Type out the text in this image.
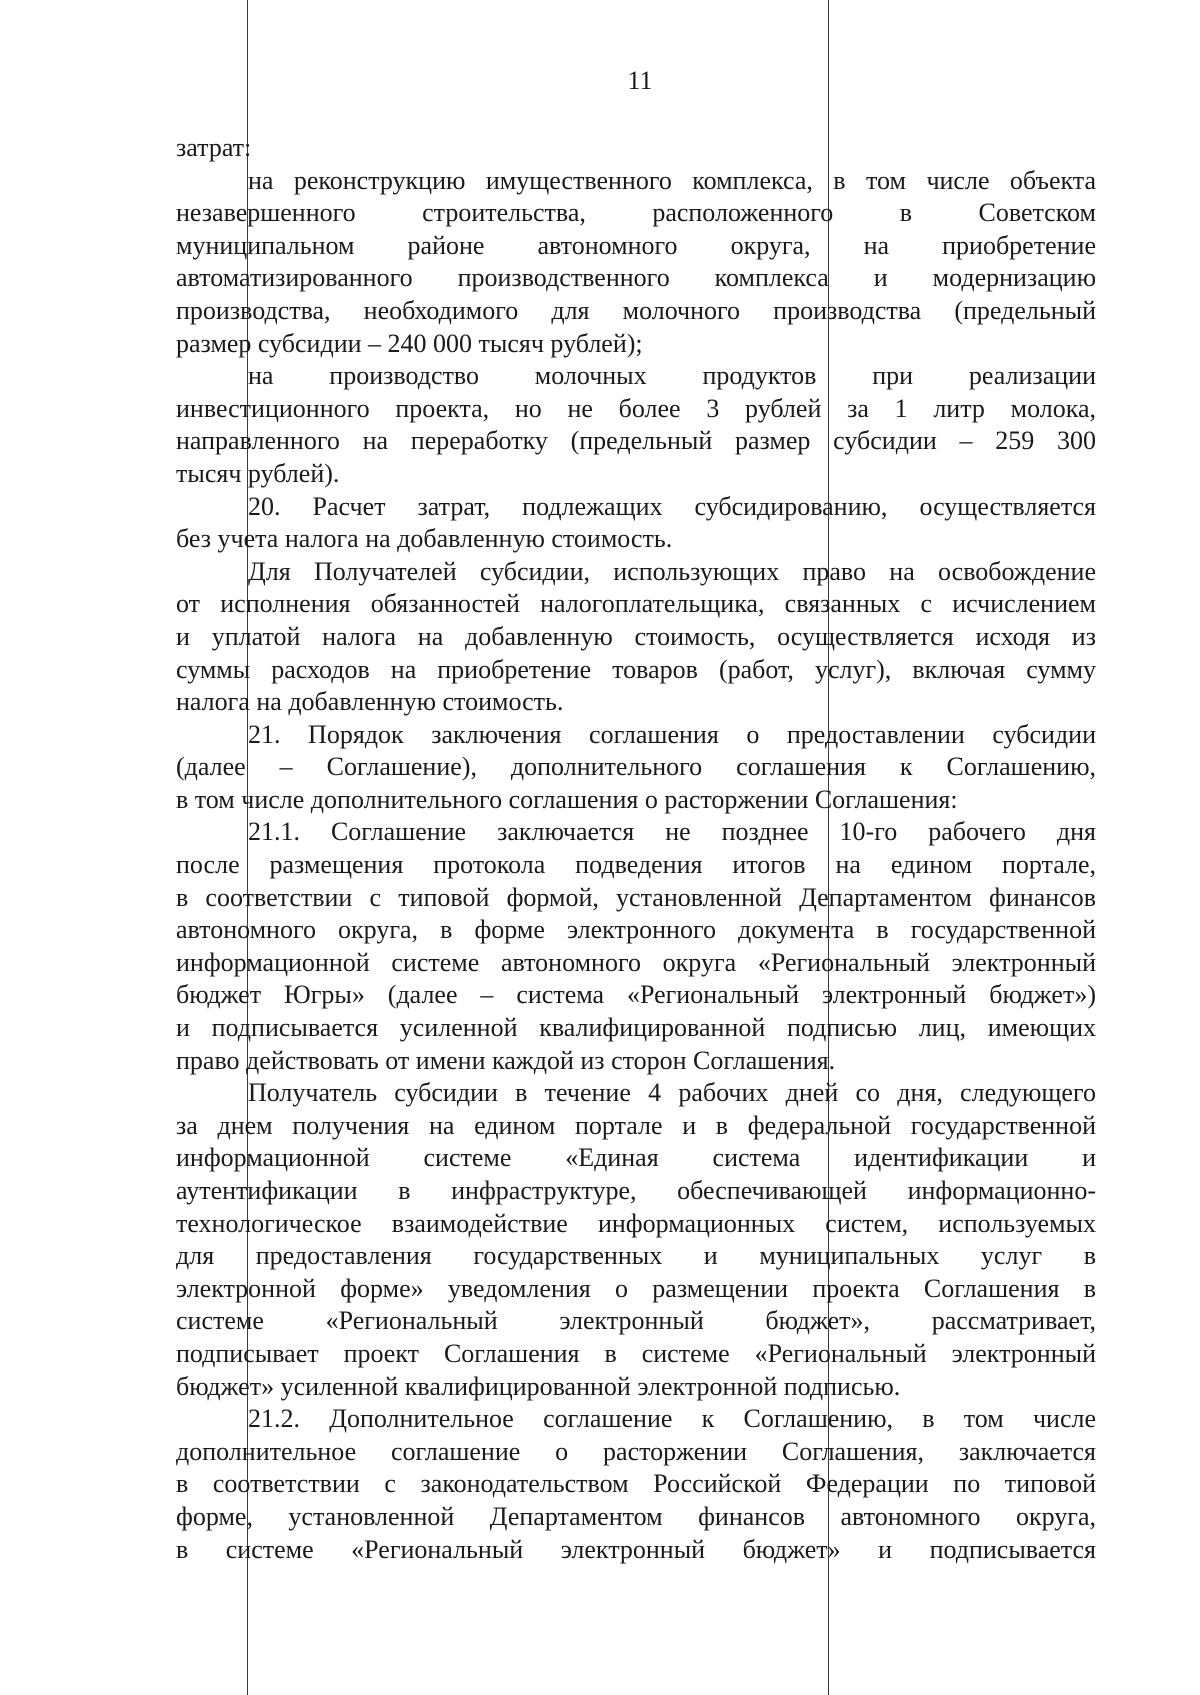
11
затрат:
на реконструкцию имущественного комплекса, в том числе объекта
незавершенного строительства, расположенного в Советском
муниципальном районе автономного округа, на приобретение
автоматизированного производственного комплекса и модернизацию
производства, необходимого для молочного производства (предельный
размер субсидии – 240 000 тысяч рублей);
на производство молочных продуктов при реализации
инвестиционного проекта, но не более 3 рублей за 1 литр молока,
направленного на переработку (предельный размер субсидии – 259 300
тысяч рублей).
20. Расчет затрат, подлежащих субсидированию, осуществляется
без учета налога на добавленную стоимость.
Для Получателей субсидии, использующих право на освобождение
от исполнения обязанностей налогоплательщика, связанных с исчислением
и уплатой налога на добавленную стоимость, осуществляется исходя из
суммы расходов на приобретение товаров (работ, услуг), включая сумму
налога на добавленную стоимость.
21. Порядок заключения соглашения о предоставлении субсидии
(далее – Соглашение), дополнительного соглашения к Соглашению,
в том числе дополнительного соглашения о расторжении Соглашения:
21.1. Соглашение заключается не позднее 10-го рабочего дня
после размещения протокола подведения итогов на едином портале,
в соответствии с типовой формой, установленной Департаментом финансов
автономного округа, в форме электронного документа в государственной
информационной системе автономного округа «Региональный электронный
бюджет Югры» (далее – система «Региональный электронный бюджет»)
и подписывается усиленной квалифицированной подписью лиц, имеющих
право действовать от имени каждой из сторон Соглашения.
Получатель субсидии в течение 4 рабочих дней со дня, следующего
за днем получения на едином портале и в федеральной государственной
информационной системе «Единая система идентификации и
аутентификации в инфраструктуре, обеспечивающей информационно-
технологическое взаимодействие информационных систем, используемых
для предоставления государственных и муниципальных услуг в
электронной форме» уведомления о размещении проекта Соглашения в
системе «Региональный электронный бюджет», рассматривает,
подписывает проект Соглашения в системе «Региональный электронный
бюджет» усиленной квалифицированной электронной подписью.
21.2. Дополнительное соглашение к Соглашению, в том числе
дополнительное соглашение о расторжении Соглашения, заключается
в соответствии с законодательством Российской Федерации по типовой
форме, установленной Департаментом финансов автономного округа,
в системе «Региональный электронный бюджет» и подписывается
